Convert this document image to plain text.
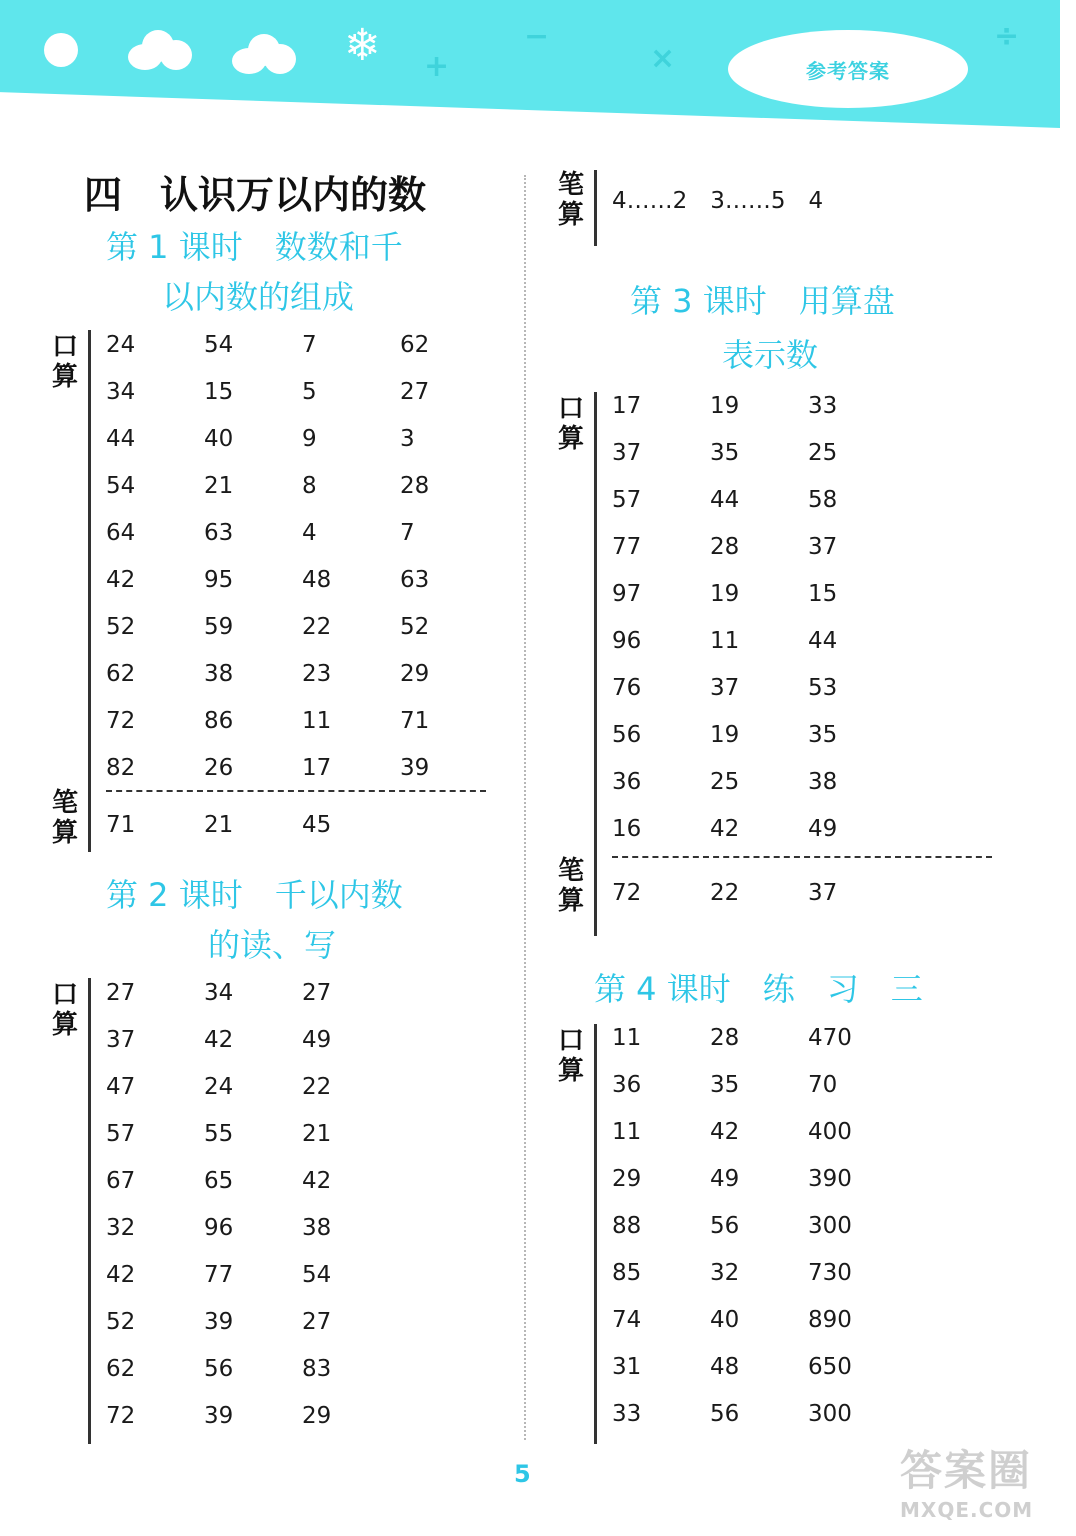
❄ +
−
×
÷
参考答案
四　认识万以内的数
第 1 课时　数数和千
以内数的组成
口
算
24	54	7	62
34	15	5	27
44	40	9	3
54	21	8	28
64	63	4	7
42	95	48	63
52	59	22	52
62	38	23	29
72	86	11	71
82	26	17	39
笔
算 71	21	45
第 2 课时　千以内数
的读、写
口
算
27	34	27
37	42	49
47	24	22
57	55	21
67	65	42
32	96	38
42	77	54
52	39	27
62	56	83
72	39	29
笔
算 4……2　3……5　4
第 3 课时　用算盘
表示数
口
算
17	19	33
37	35	25
57	44	58
77	28	37
97	19	15
96	11	44
76	37	53
56	19	35
36	25	38
16	42	49
笔
算 72	22	37
第 4 课时　练　习　三
口
算
11	28	470
36	35	70
11	42	400
29	49	390
88	56	300
85	32	730
74	40	890
31	48	650
33	56	300
5	答案圈
MXQE.COM
